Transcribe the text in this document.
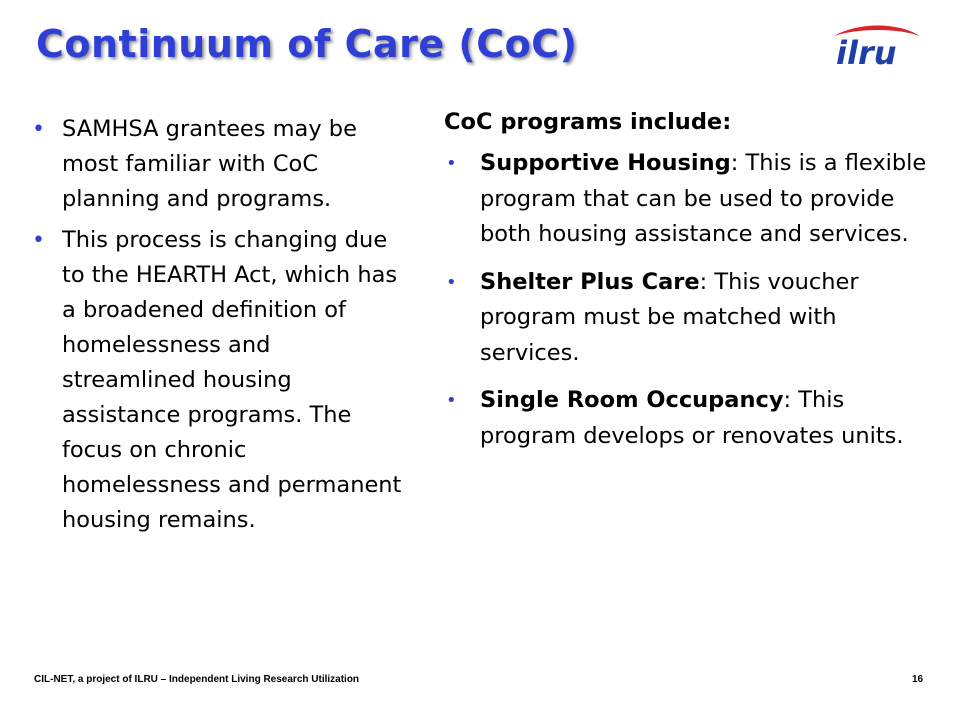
Continuum of Care (CoC)	ilru
• SAMHSA grantees may be most familiar with CoC planning and programs.
• This process is changing due to the HEARTH Act, which has a broadened definition of homelessness and streamlined housing assistance programs. The focus on chronic homelessness and permanent housing remains.
CoC programs include:
• Supportive Housing: This is a flexible program that can be used to provide both housing assistance and services.
• Shelter Plus Care: This voucher program must be matched with services.
• Single Room Occupancy: This program develops or renovates units.
CIL-NET, a project of ILRU – Independent Living Research Utilization	16
